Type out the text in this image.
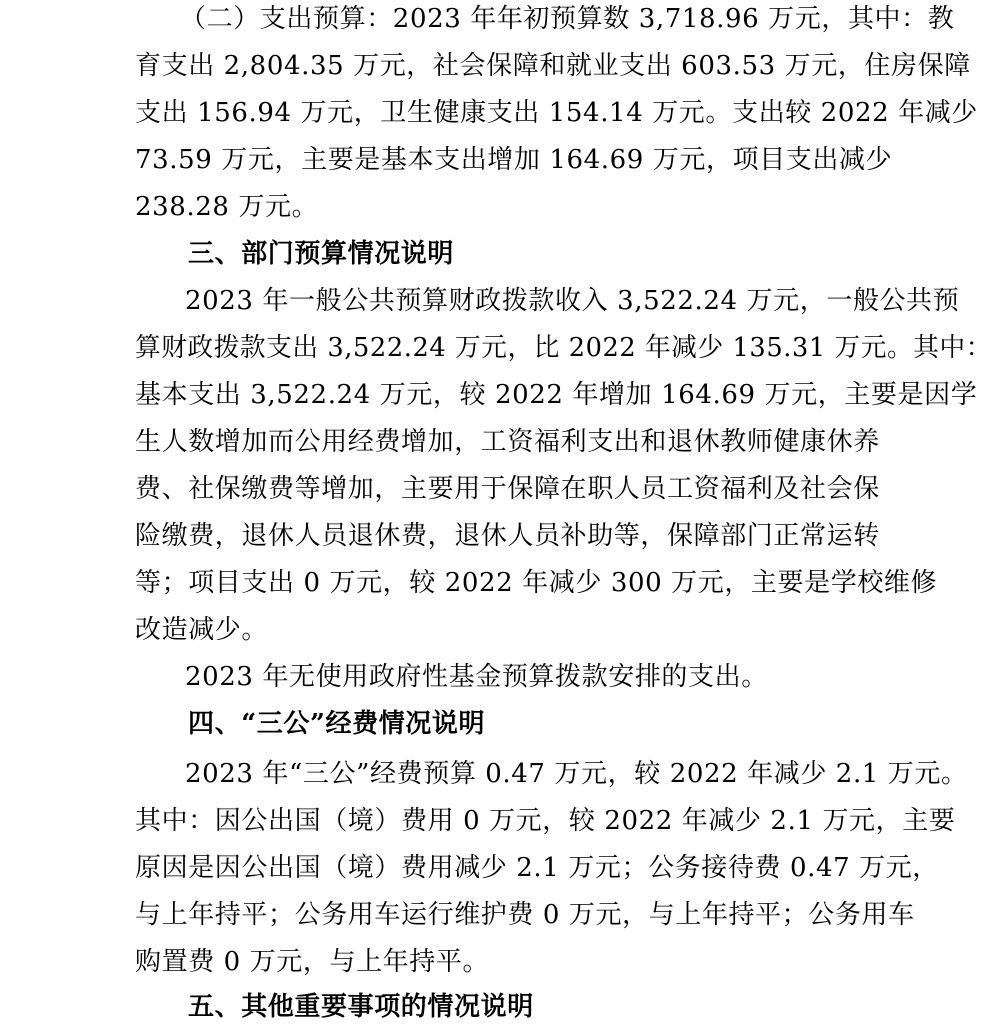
（二）支出预算：2023 年年初预算数 3,718.96 万元，其中：教
育支出 2,804.35 万元，社会保障和就业支出 603.53 万元，住房保障
支出 156.94 万元，卫生健康支出 154.14 万元。支出较 2022 年减少
73.59 万元，主要是基本支出增加 164.69 万元，项目支出减少
238.28 万元。
三、部门预算情况说明
2023 年一般公共预算财政拨款收入 3,522.24 万元，一般公共预
算财政拨款支出 3,522.24 万元，比 2022 年减少 135.31 万元。其中：
基本支出 3,522.24 万元，较 2022 年增加 164.69 万元，主要是因学
生人数增加而公用经费增加，工资福利支出和退休教师健康休养
费、社保缴费等增加，主要用于保障在职人员工资福利及社会保
险缴费，退休人员退休费，退休人员补助等，保障部门正常运转
等；项目支出 0 万元，较 2022 年减少 300 万元，主要是学校维修
改造减少。
2023 年无使用政府性基金预算拨款安排的支出。
四、“三公”经费情况说明
2023 年“三公”经费预算 0.47 万元，较 2022 年减少 2.1 万元。
其中：因公出国（境）费用 0 万元，较 2022 年减少 2.1 万元，主要
原因是因公出国（境）费用减少 2.1 万元；公务接待费 0.47 万元，
与上年持平；公务用车运行维护费 0 万元，与上年持平；公务用车
购置费 0 万元，与上年持平。
五、其他重要事项的情况说明
